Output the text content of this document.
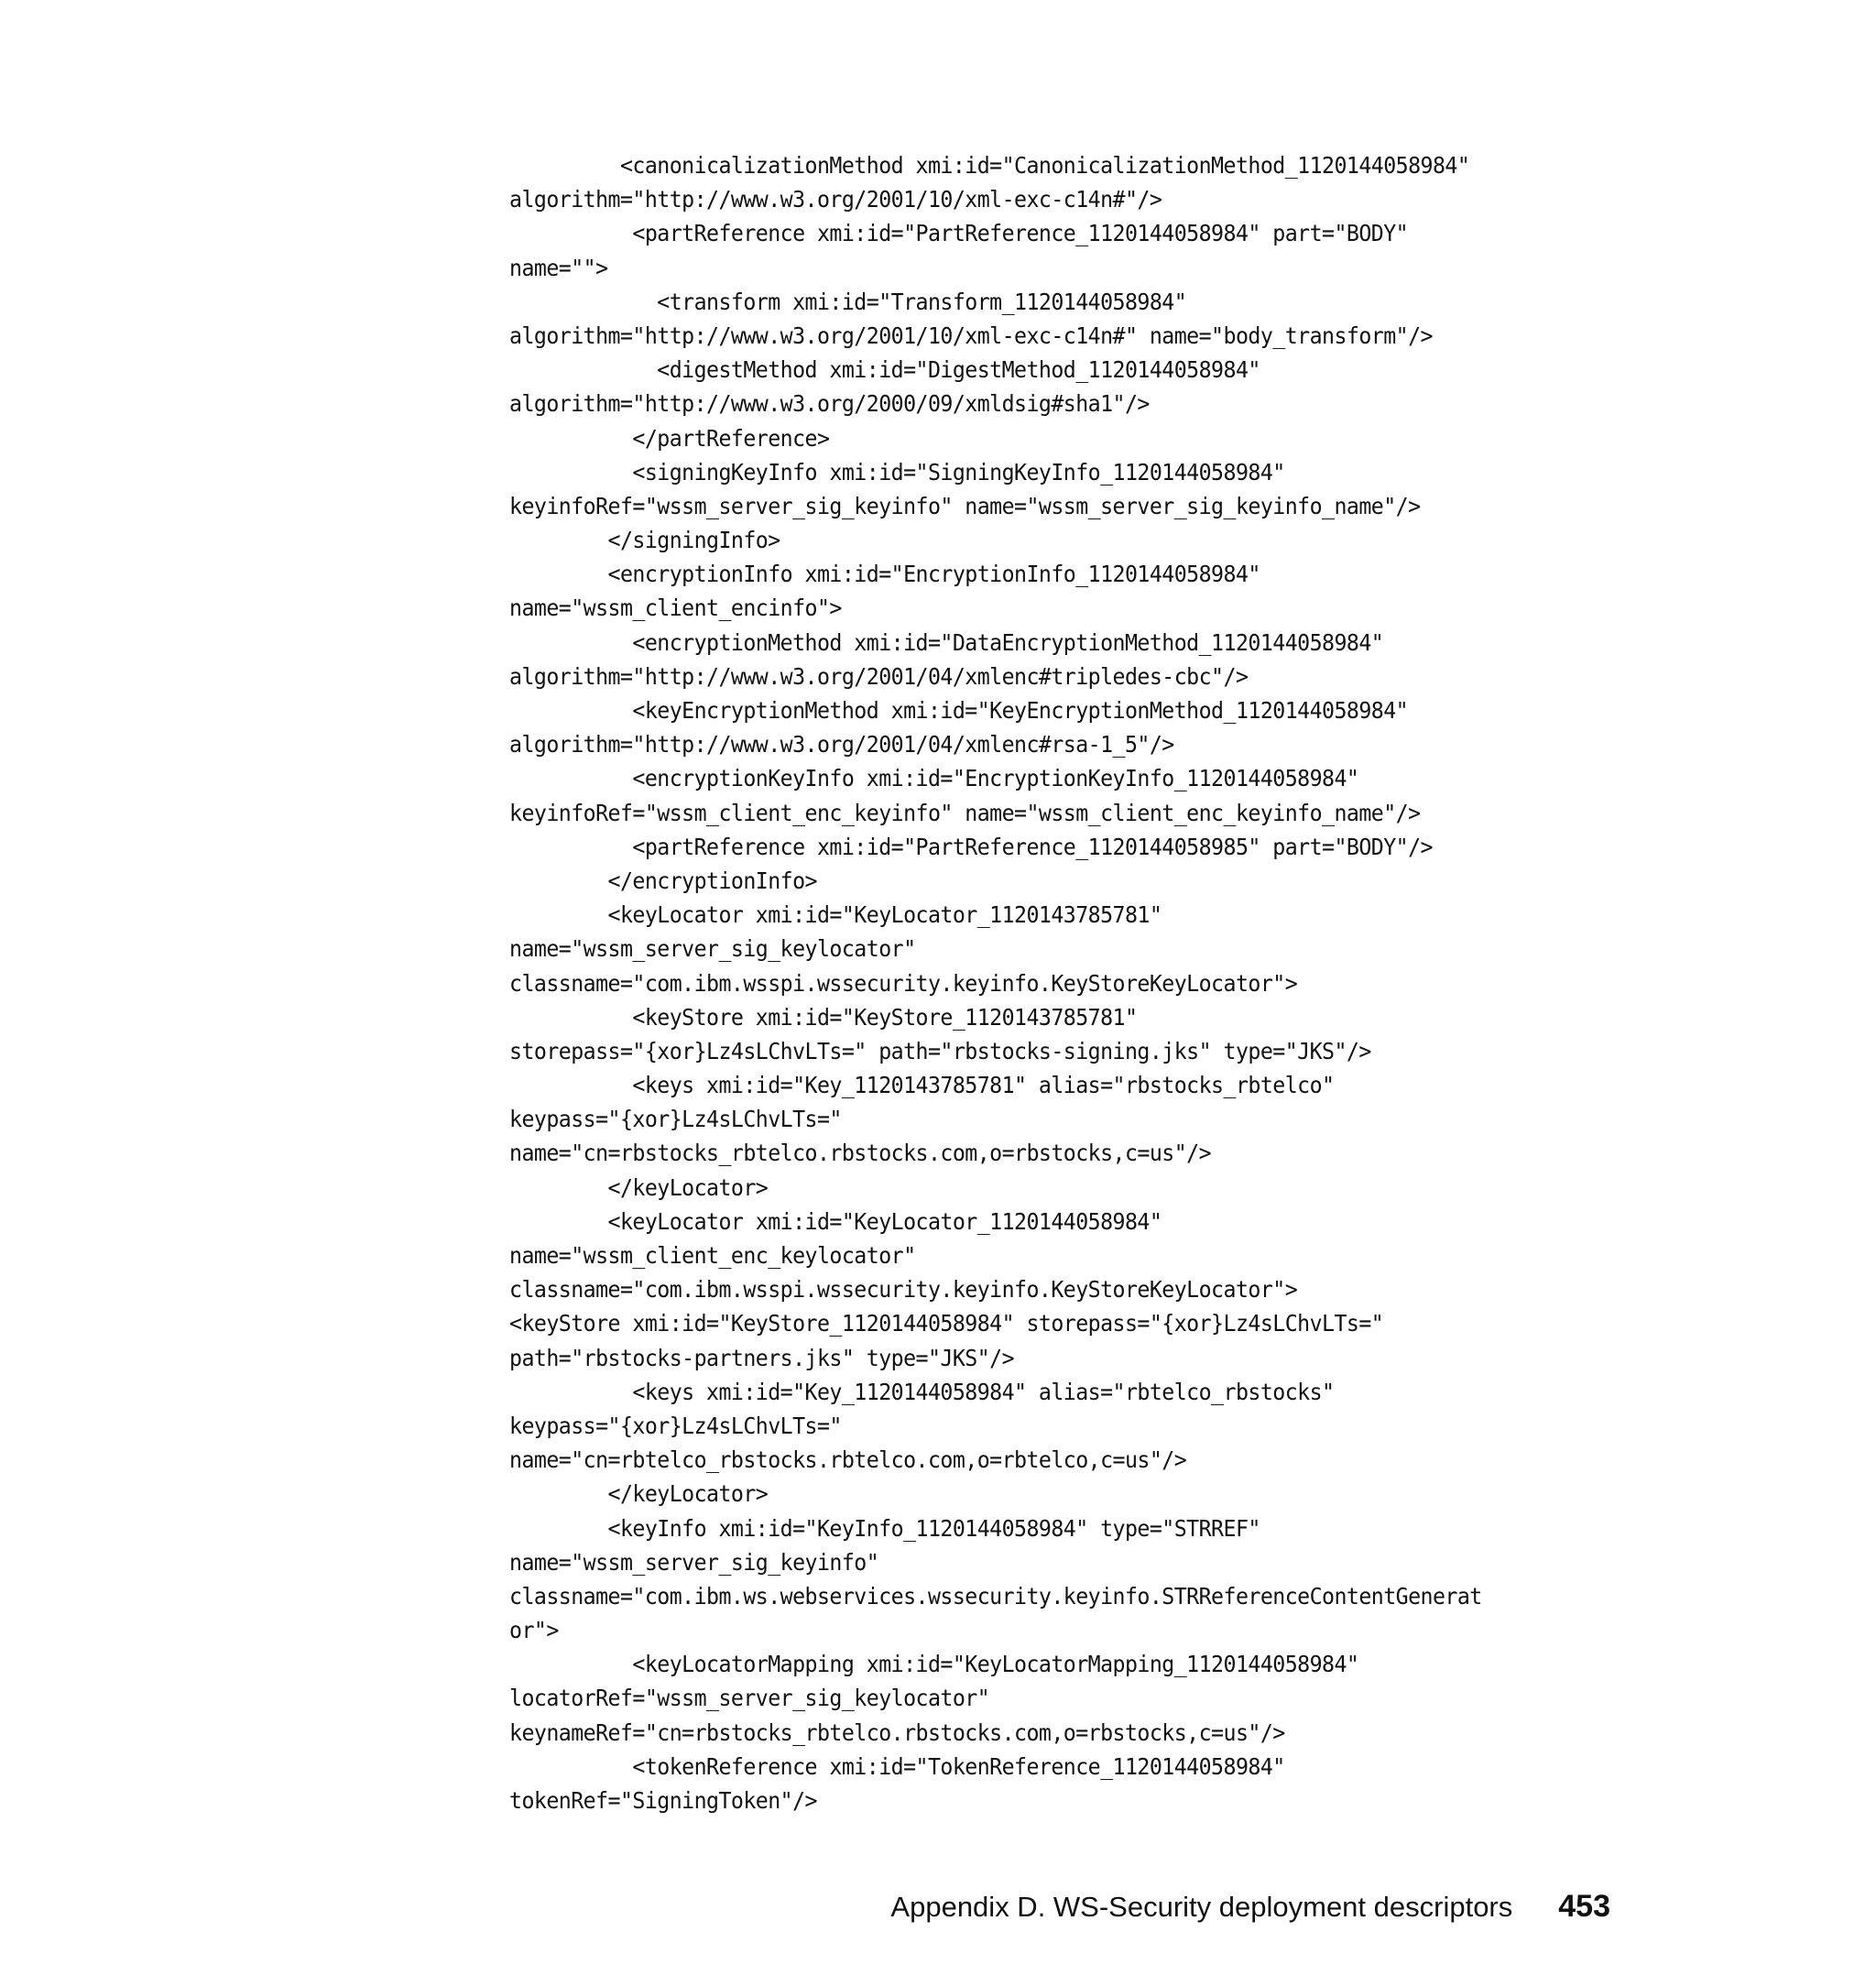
<canonicalizationMethod xmi:id="CanonicalizationMethod_1120144058984"
algorithm="http://www.w3.org/2001/10/xml-exc-c14n#"/>
<partReference xmi:id="PartReference_1120144058984" part="BODY"
name="">
<transform xmi:id="Transform_1120144058984"
algorithm="http://www.w3.org/2001/10/xml-exc-c14n#" name="body_transform"/>
<digestMethod xmi:id="DigestMethod_1120144058984"
algorithm="http://www.w3.org/2000/09/xmldsig#sha1"/>
</partReference>
<signingKeyInfo xmi:id="SigningKeyInfo_1120144058984"
keyinfoRef="wssm_server_sig_keyinfo" name="wssm_server_sig_keyinfo_name"/>
</signingInfo>
<encryptionInfo xmi:id="EncryptionInfo_1120144058984"
name="wssm_client_encinfo">
<encryptionMethod xmi:id="DataEncryptionMethod_1120144058984"
algorithm="http://www.w3.org/2001/04/xmlenc#tripledes-cbc"/>
<keyEncryptionMethod xmi:id="KeyEncryptionMethod_1120144058984"
algorithm="http://www.w3.org/2001/04/xmlenc#rsa-1_5"/>
<encryptionKeyInfo xmi:id="EncryptionKeyInfo_1120144058984"
keyinfoRef="wssm_client_enc_keyinfo" name="wssm_client_enc_keyinfo_name"/>
<partReference xmi:id="PartReference_1120144058985" part="BODY"/>
</encryptionInfo>
<keyLocator xmi:id="KeyLocator_1120143785781"
name="wssm_server_sig_keylocator"
classname="com.ibm.wsspi.wssecurity.keyinfo.KeyStoreKeyLocator">
<keyStore xmi:id="KeyStore_1120143785781"
storepass="{xor}Lz4sLChvLTs=" path="rbstocks-signing.jks" type="JKS"/>
<keys xmi:id="Key_1120143785781" alias="rbstocks_rbtelco"
keypass="{xor}Lz4sLChvLTs="
name="cn=rbstocks_rbtelco.rbstocks.com,o=rbstocks,c=us"/>
</keyLocator>
<keyLocator xmi:id="KeyLocator_1120144058984"
name="wssm_client_enc_keylocator"
classname="com.ibm.wsspi.wssecurity.keyinfo.KeyStoreKeyLocator">
<keyStore xmi:id="KeyStore_1120144058984" storepass="{xor}Lz4sLChvLTs="
path="rbstocks-partners.jks" type="JKS"/>
<keys xmi:id="Key_1120144058984" alias="rbtelco_rbstocks"
keypass="{xor}Lz4sLChvLTs="
name="cn=rbtelco_rbstocks.rbtelco.com,o=rbtelco,c=us"/>
</keyLocator>
<keyInfo xmi:id="KeyInfo_1120144058984" type="STRREF"
name="wssm_server_sig_keyinfo"
classname="com.ibm.ws.webservices.wssecurity.keyinfo.STRReferenceContentGenerat
or">
<keyLocatorMapping xmi:id="KeyLocatorMapping_1120144058984"
locatorRef="wssm_server_sig_keylocator"
keynameRef="cn=rbstocks_rbtelco.rbstocks.com,o=rbstocks,c=us"/>
<tokenReference xmi:id="TokenReference_1120144058984"
tokenRef="SigningToken"/>
Appendix D. WS-Security deployment descriptors 453
